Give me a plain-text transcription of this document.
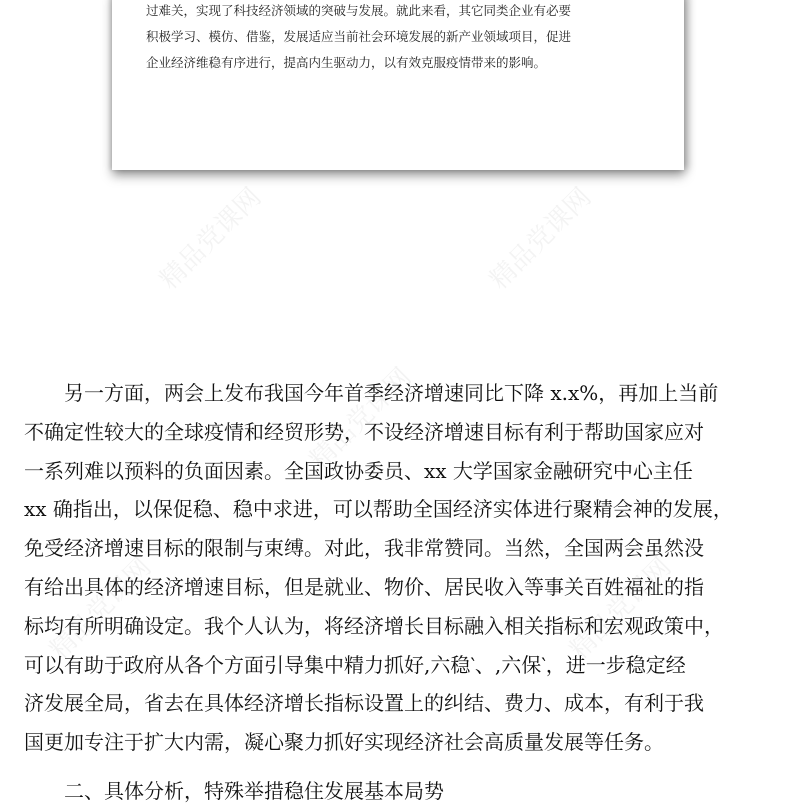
过难关，实现了科技经济领域的突破与发展。就此来看，其它同类企业有必要
积极学习、模仿、借鉴，发展适应当前社会环境发展的新产业领域项目，促进
企业经济维稳有序进行，提高内生驱动力，以有效克服疫情带来的影响。
精品党课网	精品党课网
精品党课网
精品党课网	精品党课网
另一方面，两会上发布我国今年首季经济增速同比下降 x.x%，再加上当前
不确定性较大的全球疫情和经贸形势，不设经济增速目标有利于帮助国家应对
一系列难以预料的负面因素。全国政协委员、xx 大学国家金融研究中心主任
xx 确指出，以保促稳、稳中求进，可以帮助全国经济实体进行聚精会神的发展，
免受经济增速目标的限制与束缚。对此，我非常赞同。当然，全国两会虽然没
有给出具体的经济增速目标，但是就业、物价、居民收入等事关百姓福祉的指
标均有所明确设定。我个人认为，将经济增长目标融入相关指标和宏观政策中，
可以有助于政府从各个方面引导集中精力抓好,六稳‵、,六保‵，进一步稳定经
济发展全局，省去在具体经济增长指标设置上的纠结、费力、成本，有利于我
国更加专注于扩大内需，凝心聚力抓好实现经济社会高质量发展等任务。
二、具体分析，特殊举措稳住发展基本局势
